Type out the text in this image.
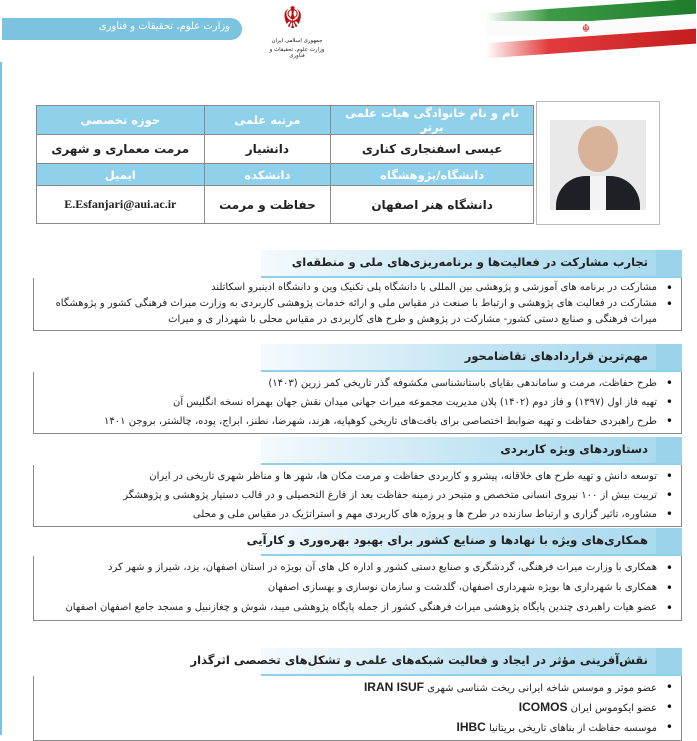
وزارت علوم، تحقیقات و فناوری ☬
جمهوری اسلامی ایران
وزارت علوم، تحقیقات و فناوری
☬
نام و نام خانوادگی هیات علمی برتر	مرتبه علمی	حوزه تخصصی
عیسی اسفنجاری کناری	دانشیار	مرمت معماری و شهری
دانشگاه/پژوهشگاه	دانشکده	ایمیل
دانشگاه هنر اصفهان	حفاظت و مرمت	E.Esfanjari@aui.ac.ir
تجارب مشارکت در فعالیت‌ها و برنامه‌ریزی‌های ملی و منطقه‌ای
• مشارکت در برنامه های آموزشی و پژوهشی بین المللی با دانشگاه پلی تکنیک وین و دانشگاه ادینبرو اسکاتلند
• مشارکت در فعالیت های پژوهشی و ارتباط با صنعت در مقیاس ملی و ارائه خدمات پژوهشی کاربردی به وزارت میراث فرهنگی کشور و پژوهشگاه میراث فرهنگی و صنایع دستی کشور- مشارکت در پژوهش و طرح های کاربردی در مقیاس محلی با شهردار ی و میراث
مهم‌ترین قراردادهای تقاضامحور
• طرح حفاظت، مرمت و ساماندهی بقایای باستانشناسی مکشوفه گذر تاریخی کمر زرین (۱۴۰۳)
• تهیه فاز اول (۱۳۹۷) و فاز دوم (۱۴۰۲) پلان مدیریت مجموعه میراث جهانی میدان نقش جهان بهمراه نسخه انگلیس آن
• طرح راهبردی حفاظت و تهیه ضوابط اختصاصی برای بافت‌های تاریخی کوهپایه، هرند، شهرضا، نطنز، ابراج، پوده، چالشتر، بروجن ۱۴۰۱
دستاوردهای ویژه کاربردی
• توسعه دانش و تهیه طرح های خلاقانه، پیشرو و کاربردی حفاظت و مرمت مکان ها، شهر ها و مناظر شهری تاریخی در ایران
• تربیت بیش از ۱۰۰ نیروی انسانی متخصص و متبحر در زمینه حفاظت بعد از فارغ التحصیلی و در قالب دستیار پژوهشی و پژوهشگر
• مشاوره، تاثیر گزاری و ارتباط سازنده در طرح ها و پروژه های کاربردی مهم و استراتژیک در مقیاس ملی و محلی
همکاری‌های ویژه با نهادها و صنایع کشور برای بهبود بهره‌وری و کارآیی
• همکاری با وزارت میراث فرهنگی، گردشگری و صنایع دستی کشور و اداره کل های آن بویژه در استان اصفهان، یزد، شیراز و شهر کرد
• همکاری با شهرداری ها بویژه شهرداری اصفهان، گلدشت و سازمان نوسازی و بهسازی اصفهان
• عضو هیات راهبردی چندین پایگاه پژوهشی میراث فرهنگی کشور از جمله پایگاه پژوهشی میبد، شوش و چغازنبیل و مسجد جامع اصفهان اصفهان
نقش‌آفرینی مؤثر در ایجاد و فعالیت شبکه‌های علمی و تشکل‌های تخصصی اثرگذار
• عضو موثر و موسس شاخه ایرانی ریخت شناسی شهری IRAN ISUF
• عضو ایکوموس ایران ICOMOS
• موسسه حفاظت از بناهای تاریخی بریتانیا IHBC
